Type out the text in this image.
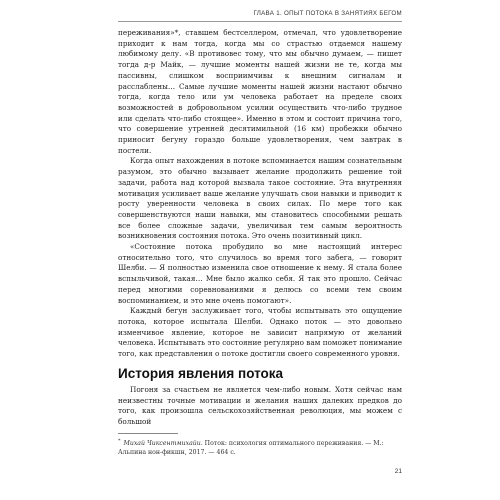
ГЛАВА 1. ОПЫТ ПОТОКА В ЗАНЯТИЯХ БЕГОМ

переживания»*, ставшем бестселлером, отмечал, что удовлетворение приходит к нам тогда, когда мы со страстью отдаемся нашему любимому делу. «В противовес тому, что мы обычно думаем, — пишет тогда д-р Майк, — лучшие моменты нашей жизни не те, когда мы пассивны, слишком восприимчивы к внешним сигналам и расслаблены… Самые лучшие моменты нашей жизни настают обычно тогда, когда тело или ум человека работает на пределе своих возможностей в добровольном усилии осуществить что-либо трудное или сделать что-либо стоящее». Именно в этом и состоит причина того, что совершение утренней десятимильной (16 км) пробежки обычно приносит бегуну гораздо больше удовлетворения, чем завтрак в постели.

Когда опыт нахождения в потоке вспоминается нашим сознательным разумом, это обычно вызывает желание продолжить решение той задачи, работа над которой вызвала такое состояние. Эта внутренняя мотивация усиливает ваше желание улучшать свои навыки и приводит к росту уверенности человека в своих силах. По мере того как совершенствуются наши навыки, мы становитесь способными решать все более сложные задачи, увеличивая тем самым вероятность возникновения состояния потока. Это очень позитивный цикл.

«Состояние потока пробудило во мне настоящий интерес относительно того, что случилось во время того забега, — говорит Шелби. — Я полностью изменила свое отношение к нему. Я стала более вспыльчивой, такая… Мне было жалко себя. Я так это прошло. Сейчас перед многими соревнованиями я делюсь со всеми тем своим воспоминанием, и это мне очень помогают».

Каждый бегун заслуживает того, чтобы испытывать это ощущение потока, которое испытала Шелби. Однако поток — это довольно изменчивое явление, которое не зависит напрямую от желаний человека. Испытывать это состояние регулярно вам поможет понимание того, как представления о потоке достигли своего современного уровня.

История явления потока

Погоня за счастьем не является чем-либо новым. Хотя сейчас нам неизвестны точные мотивации и желания наших далеких предков до того, как произошла сельскохозяйственная революция, мы можем с большой

* Михай Чиксентмихайи. Поток: психология оптимального переживания. — М.: Альпина нон-фикшн, 2017. — 464 с.
21
